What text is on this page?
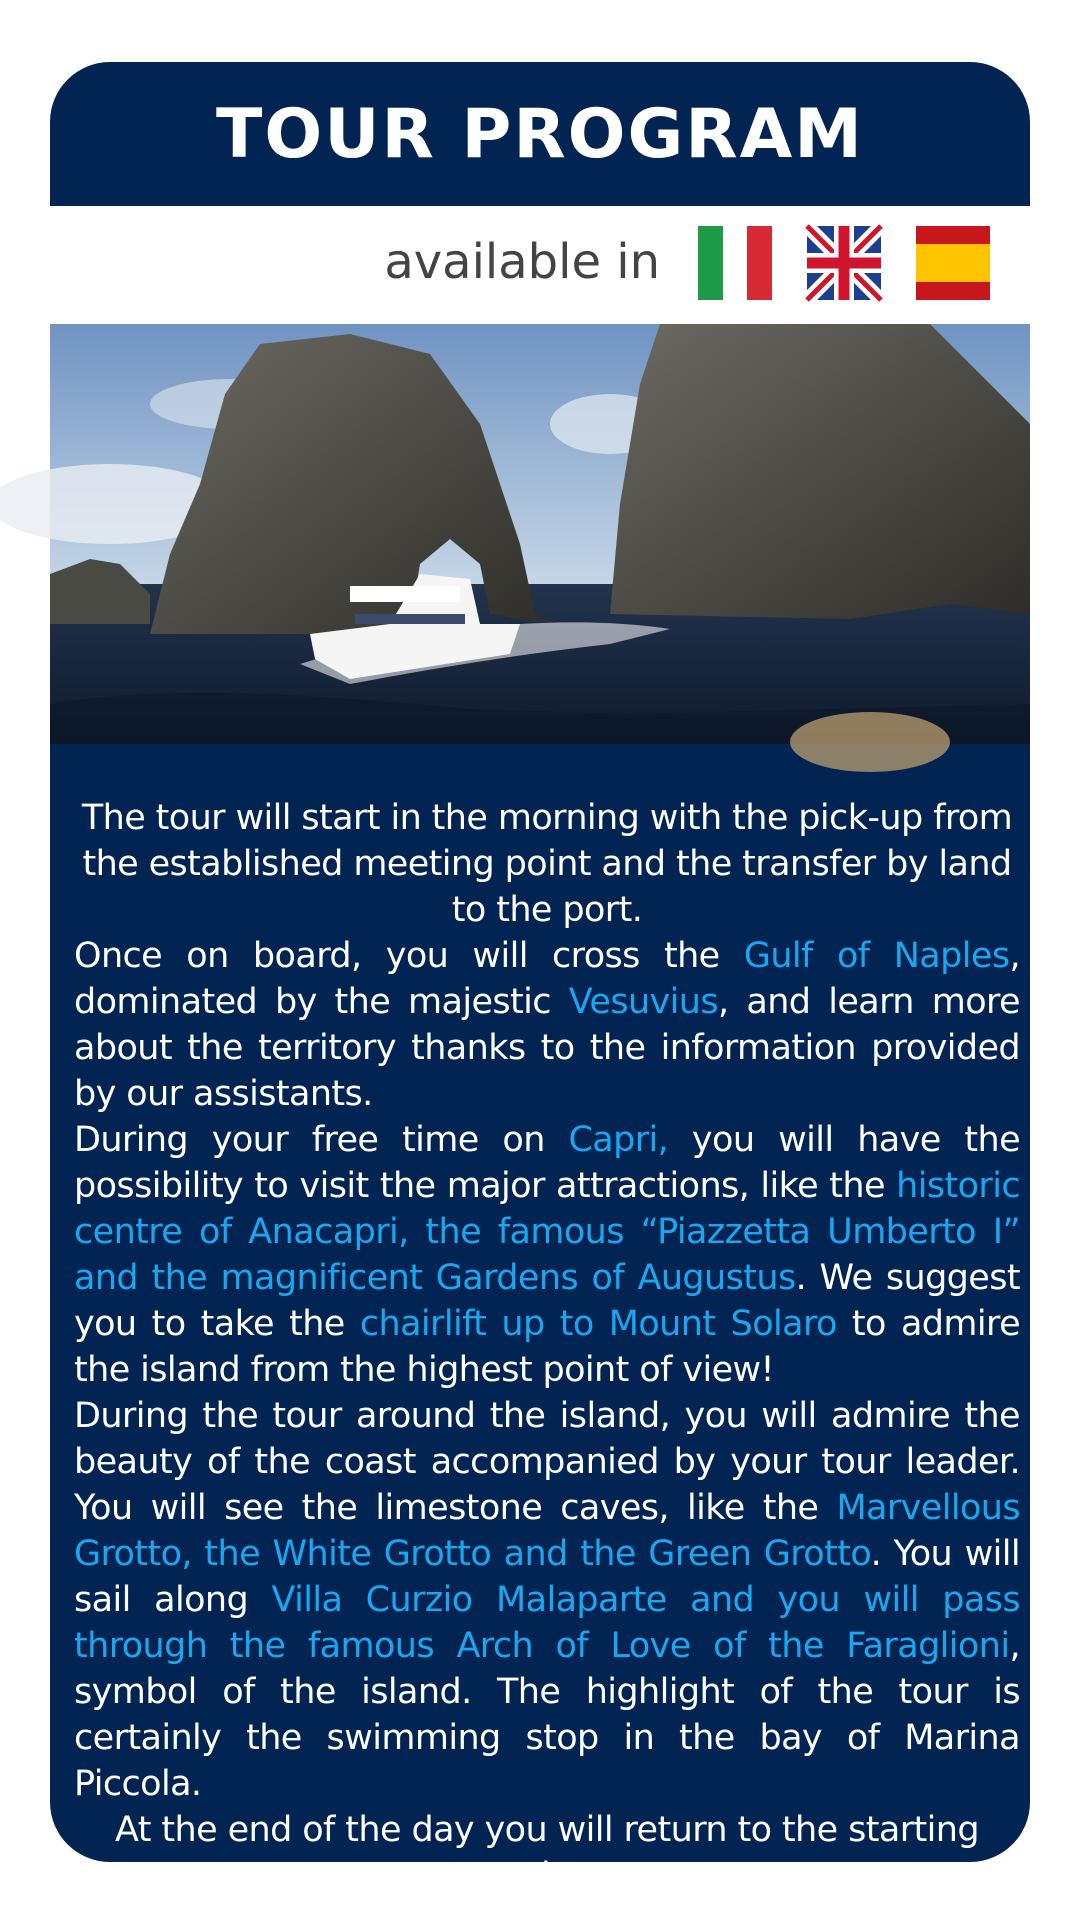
TOUR PROGRAM
available in

The tour will start in the morning with the pick-up from the established meeting point and the transfer by land to the port.

Once on board, you will cross the Gulf of Naples, dominated by the majestic Vesuvius, and learn more about the territory thanks to the information provided by our assistants.

During your free time on Capri, you will have the possibility to visit the major attractions, like the historic centre of Anacapri, the famous “Piazzetta Umberto I” and the magnificent Gardens of Augustus. We suggest you to take the chairlift up to Mount Solaro to admire the island from the highest point of view!

During the tour around the island, you will admire the beauty of the coast accompanied by your tour leader. You will see the limestone caves, like the Marvellous Grotto, the White Grotto and the Green Grotto. You will sail along Villa Curzio Malaparte and you will pass through the famous Arch of Love of the Faraglioni, symbol of the island. The highlight of the tour is certainly the swimming stop in the bay of Marina Piccola.

At the end of the day you will return to the starting point.
